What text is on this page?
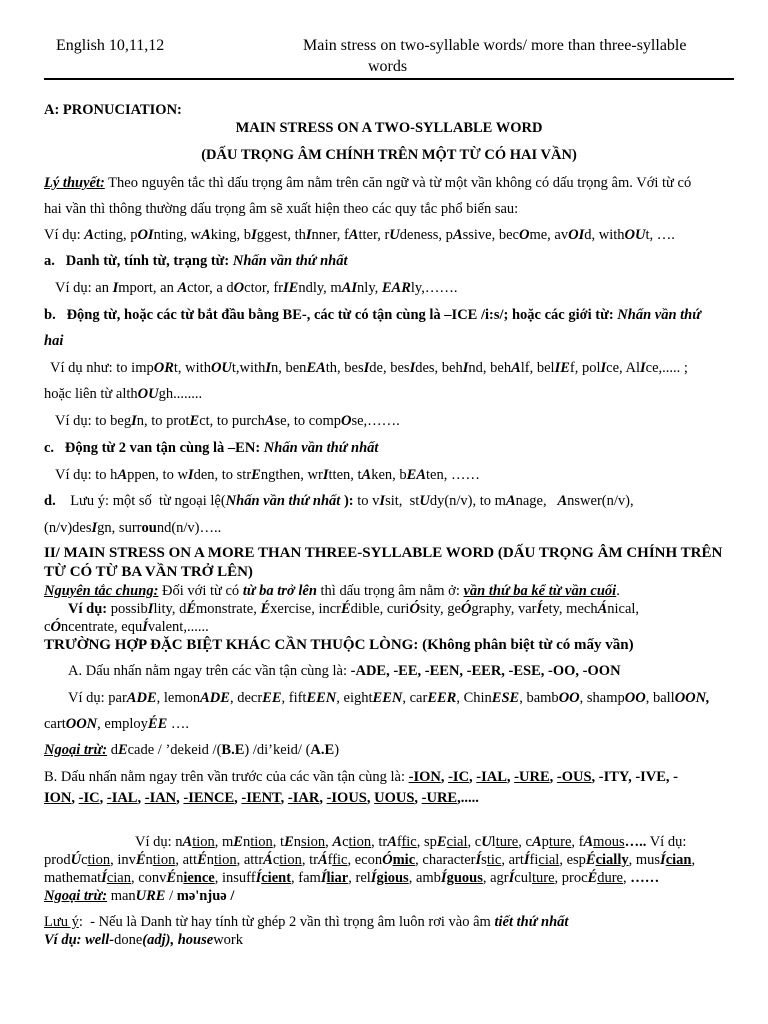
English 10,11,12	Main stress on two-syllable words/ more than three-syllable
words
A: PRONUCIATION:
MAIN STRESS ON A TWO-SYLLABLE WORD
(DẤU TRỌNG ÂM CHÍNH TRÊN MỘT TỪ CÓ HAI VẦN)
Lý thuyết: Theo nguyên tắc thì dấu trọng âm nằm trên căn ngữ và từ một vần không có dấu trọng âm. Với từ có
hai vần thì thông thường dấu trọng âm sẽ xuất hiện theo các quy tắc phổ biến sau:
Ví dụ: Acting, pOInting, wAking, bIggest, thInner, fAtter, rUdeness, pAssive, becOme, avOId, withOUt, ….
a.   Danh từ, tính từ, trạng từ: Nhấn vần thứ nhất
Ví dụ: an Import, an Actor, a dOctor, frIEndly, mAInly, EARly,…….
b.   Động từ, hoặc các từ bắt đầu bằng BE-, các từ có tận cùng là –ICE /i:s/; hoặc các giới từ: Nhấn vần thứ
hai
Ví dụ như: to impORt, withOUt,withIn, benEAth, besIde, besIdes, behInd, behAlf, belIEf, polIce, AlIce,..... ;
hoặc liên từ althOUgh........
Ví dụ: to begIn, to protEct, to purchAse, to compOse,…….
c.   Động từ 2 van tận cùng là –EN: Nhấn vần thứ nhất
Ví dụ: to hAppen, to wIden, to strEngthen, wrItten, tAken, bEAten, ……
d.    Lưu ý: một số  từ ngoại lệ(Nhấn vần thứ nhất ): to vIsit,  stUdy(n/v), to mAnage,   Answer(n/v),
(n/v)desIgn, surround(n/v)…..
II/ MAIN STRESS ON A MORE THAN THREE-SYLLABLE WORD (DẤU TRỌNG ÂM CHÍNH TRÊN
TỪ CÓ TỪ BA VẦN TRỞ LÊN)
Nguyên tắc chung: Đối với từ có từ ba trở lên thì dấu trọng âm nằm ở: vần thứ ba kể từ vần cuối.
Ví dụ: possibIlity, dÉmonstrate, Éxercise, incrÉdible, curiÓsity, geÓgraphy, varÍety, mechÁnical,
cÓncentrate, equÍvalent,......
TRƯỜNG HỢP ĐẶC BIỆT KHÁC CẦN THUỘC LÒNG: (Không phân biệt từ có mấy vần)
A. Dấu nhấn nằm ngay trên các vần tận cùng là: -ADE, -EE, -EEN, -EER, -ESE, -OO, -OON
Ví dụ: parADE, lemonADE, decrEE, fiftEEN, eightEEN, carEER, ChinESE, bambOO, shampOO, ballOON,
cartOON, employÉE ….
Ngoại trừ: dEcade / ’dekeid /(B.E) /di’keid/ (A.E)
B. Dấu nhấn nằm ngay trên vần trước của các vần tận cùng là: -ION, -IC, -IAL, -URE, -OUS, -ITY, -IVE, -
ION, -IC, -IAL, -IAN, -IENCE, -IENT, -IAR, -IOUS, UOUS, -URE,.....
Ví dụ: nAtion, mEntion, tEnsion, Action, trAffic, spEcial, cUlture, cApture, fAmous….. Ví dụ:
prodÚction, invÉntion, attÉntion, attrÁction, trÁffic, econÓmic, characterÍstic, artÍficial, espÉcially, musÍcian,
mathematÍcian, convÉnience, insuffÍcient, famÍliar, relÍgious, ambÍguous, agrÍculture, procÉdure, ……
Ngoại trừ: manURE / mə'njuə /
Lưu ý:  - Nếu là Danh từ hay tính từ ghép 2 vần thì trọng âm luôn rơi vào âm tiết thứ nhất
Ví dụ: well-done(adj), housework
